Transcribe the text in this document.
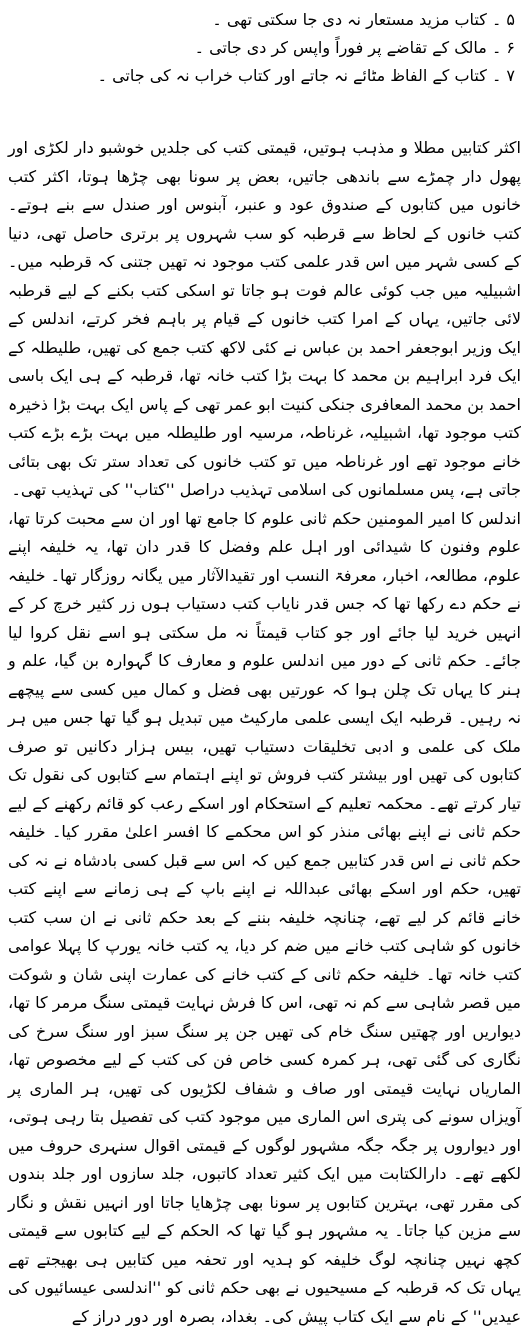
۵ ۔ کتاب مزید مستعار نہ دی جا سکتی تھی ۔
۶ ۔ مالک کے تقاضے پر فوراً واپس کر دی جاتی ۔
۷ ۔ کتاب کے الفاظ مٹائے نہ جاتے اور کتاب خراب نہ کی جاتی ۔

اکثر کتابیں مطلا و مذہب ہوتیں، قیمتی کتب کی جلدیں خوشبو دار لکڑی اور پھول دار چمڑے سے باندھی جاتیں، بعض پر سونا بھی چڑھا ہوتا، اکثر کتب خانوں میں کتابوں کے صندوق عود و عنبر، آبنوس اور صندل سے بنے ہوتے۔ کتب خانوں کے لحاظ سے قرطبہ کو سب شہروں پر برتری حاصل تھی، دنیا کے کسی شہر میں اس قدر علمی کتب موجود نہ تھیں جتنی کہ قرطبہ میں۔ اشبیلیہ میں جب کوئی عالم فوت ہو جاتا تو اسکی کتب بکنے کے لیے قرطبہ لائی جاتیں، یہاں کے امرا کتب خانوں کے قیام پر باہم فخر کرتے، اندلس کے ایک وزیر ابوجعفر احمد بن عباس نے کئی لاکھ کتب جمع کی تھیں، طلیطلہ کے ایک فرد ابراہیم بن محمد کا بہت بڑا کتب خانہ تھا، قرطبہ کے ہی ایک باسی احمد بن محمد المعافری جنکی کنیت ابو عمر تھی کے پاس ایک بہت بڑا ذخیرہ کتب موجود تھا، اشبیلیہ، غرناطہ، مرسیہ اور طلیطلہ میں بہت بڑے بڑے کتب خانے موجود تھے اور غرناطہ میں تو کتب خانوں کی تعداد ستر تک بھی بتائی جاتی ہے، پس مسلمانوں کی اسلامی تہذیب دراصل ''کتاب'' کی تہذیب تھی۔

اندلس کا امیر المومنین حکم ثانی علوم کا جامع تھا اور ان سے محبت کرتا تھا، علوم وفنون کا شیدائی اور اہل علم وفضل کا قدر دان تھا، یہ خلیفہ اپنے علوم، مطالعہ، اخبار، معرفۃ النسب اور تقیدالآثار میں یگانہ روزگار تھا۔ خلیفہ نے حکم دے رکھا تھا کہ جس قدر نایاب کتب دستیاب ہوں زر کثیر خرچ کر کے انہیں خرید لیا جائے اور جو کتاب قیمتاً نہ مل سکتی ہو اسے نقل کروا لیا جائے۔ حکم ثانی کے دور میں اندلس علوم و معارف کا گہوارہ بن گیا، علم و ہنر کا یہاں تک چلن ہوا کہ عورتیں بھی فضل و کمال میں کسی سے پیچھے نہ رہیں۔ قرطبہ ایک ایسی علمی مارکیٹ میں تبدیل ہو گیا تھا جس میں ہر ملک کی علمی و ادبی تخلیقات دستیاب تھیں، بیس ہزار دکانیں تو صرف کتابوں کی تھیں اور بیشتر کتب فروش تو اپنے اہتمام سے کتابوں کی نقول تک تیار کرتے تھے۔ محکمہ تعلیم کے استحکام اور اسکے رعب کو قائم رکھنے کے لیے حکم ثانی نے اپنے بھائی منذر کو اس محکمے کا افسر اعلیٰ مقرر کیا۔ خلیفہ حکم ثانی نے اس قدر کتابیں جمع کیں کہ اس سے قبل کسی بادشاہ نے نہ کی تھیں، حکم اور اسکے بھائی عبداللہ نے اپنے باپ کے ہی زمانے سے اپنے کتب خانے قائم کر لیے تھے، چنانچہ خلیفہ بننے کے بعد حکم ثانی نے ان سب کتب خانوں کو شاہی کتب خانے میں ضم کر دیا، یہ کتب خانہ یورپ کا پہلا عوامی کتب خانہ تھا۔ خلیفہ حکم ثانی کے کتب خانے کی عمارت اپنی شان و شوکت میں قصر شاہی سے کم نہ تھی، اس کا فرش نہایت قیمتی سنگ مرمر کا تھا، دیواریں اور چھتیں سنگ خام کی تھیں جن پر سنگ سبز اور سنگ سرخ کی نگاری کی گئی تھی، ہر کمرہ کسی خاص فن کی کتب کے لیے مخصوص تھا، الماریاں نہایت قیمتی اور صاف و شفاف لکڑیوں کی تھیں، ہر الماری پر آویزاں سونے کی پتری اس الماری میں موجود کتب کی تفصیل بتا رہی ہوتی، اور دیواروں پر جگہ جگہ مشہور لوگوں کے قیمتی اقوال سنہری حروف میں لکھے تھے۔ دارالکتابت میں ایک کثیر تعداد کاتبوں، جلد سازوں اور جلد بندوں کی مقرر تھی، بہترین کتابوں پر سونا بھی چڑھایا جاتا اور انہیں نقش و نگار سے مزین کیا جاتا۔ یہ مشہور ہو گیا تھا کہ الحکم کے لیے کتابوں سے قیمتی کچھ نہیں چنانچہ لوگ خلیفہ کو ہدیہ اور تحفہ میں کتابیں ہی بھیجتے تھے یہاں تک کہ قرطبہ کے مسیحیوں نے بھی حکم ثانی کو ''اندلسی عیسائیوں کی عیدیں'' کے نام سے ایک کتاب پیش کی۔ بغداد، بصرہ اور دور دراز کے
